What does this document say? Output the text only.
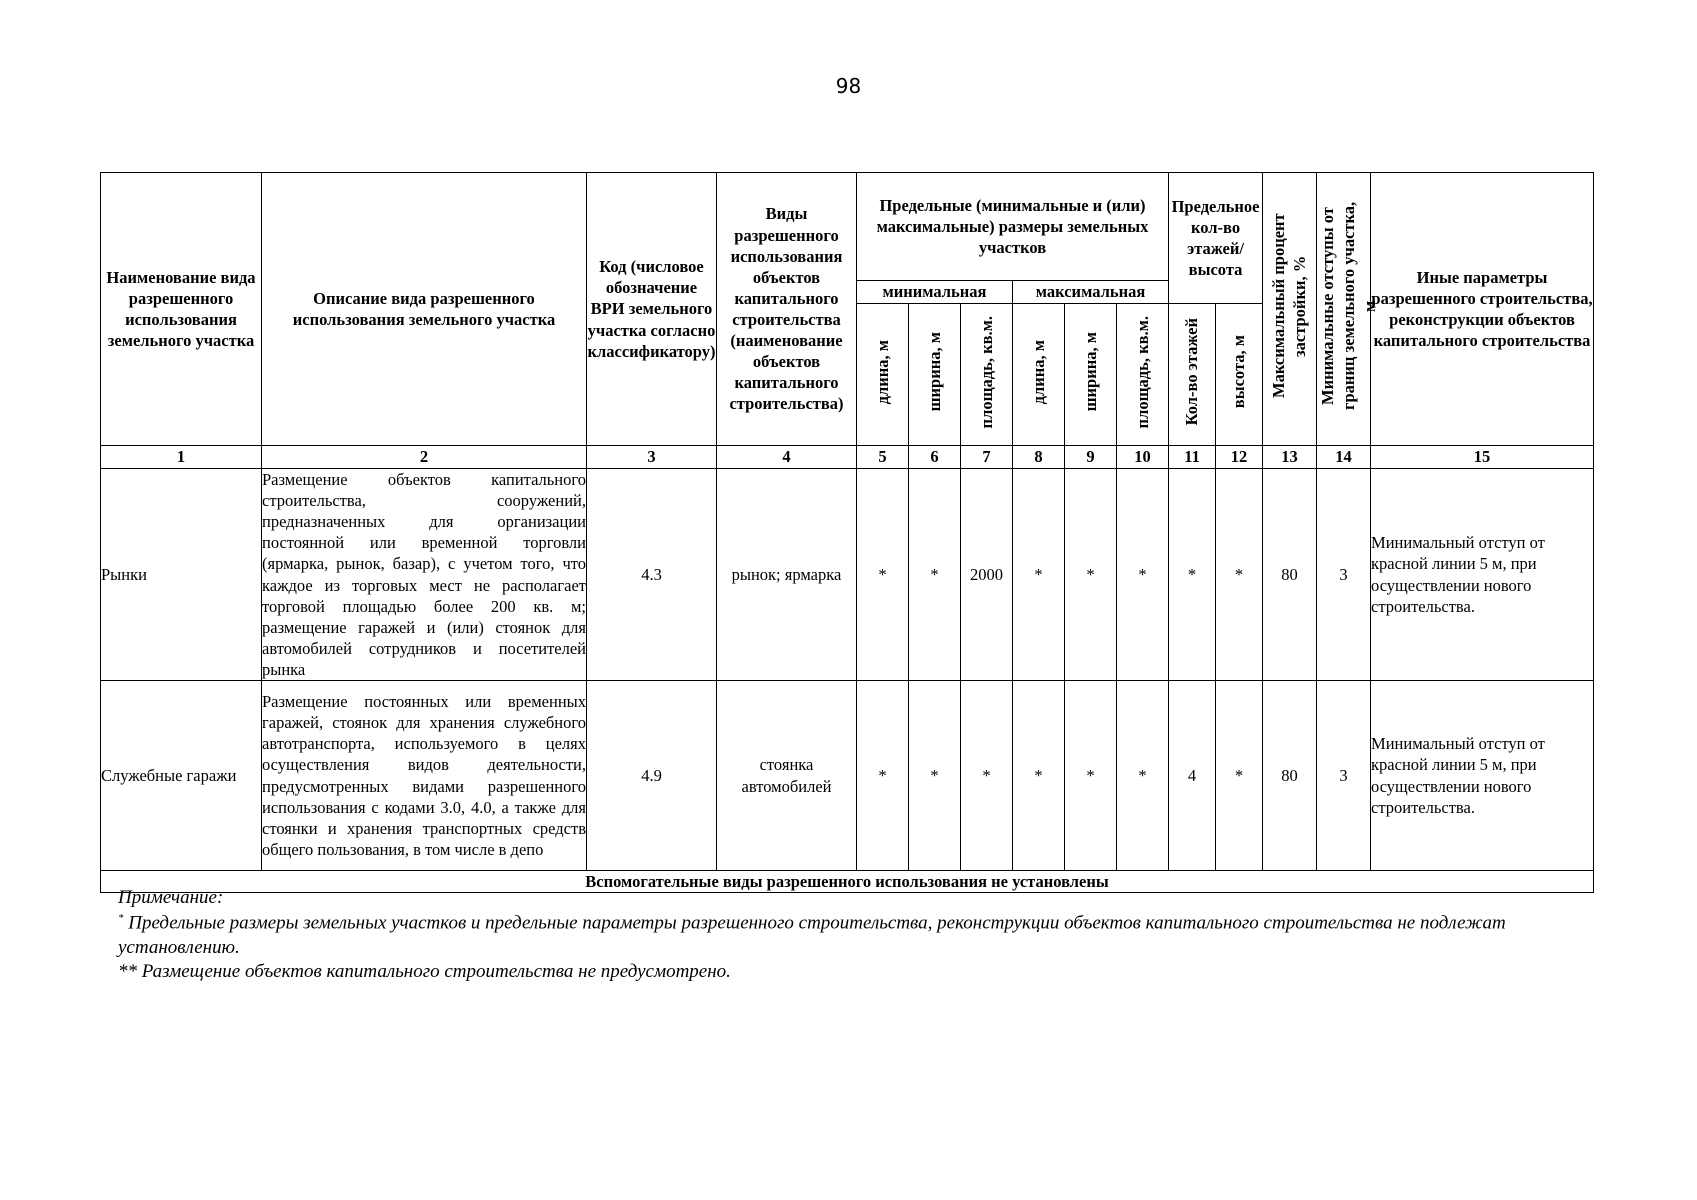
98
Наименование вида разрешенного использования земельного участка	Описание вида разрешенного использования земельного участка	Код (числовое обозначение ВРИ земельного участка согласно классификатору)	Виды разрешенного использования объектов капитального строительства (наименование объектов капитального строительства)	Предельные (минимальные и (или) максимальные) размеры земельных участков						Предельное кол-во этажей/ высота		Максимальный процент застройки, %	Минимальные отступы от границ земельного участка, м	Иные параметры разрешенного строительства, реконструкции объектов капитального строительства
				минимальная			максимальная							
				длина, м	ширина, м	площадь, кв.м.	длина, м	ширина, м	площадь, кв.м.	Кол-во этажей	высота, м			
1	2	3	4	5	6	7	8	9	10	11	12	13	14	15
Рынки	Размещение объектов капитального строительства, сооружений, предназначенных для организации постоянной или временной торговли (ярмарка, рынок, базар), с учетом того, что каждое из торговых мест не располагает торговой площадью более 200 кв. м; размещение гаражей и (или) стоянок для автомобилей сотрудников и посетителей рынка	4.3	рынок; ярмарка	*	*	2000	*	*	*	*	*	80	3	Минимальный отступ от красной линии 5 м, при осуществлении нового строительства.
Служебные гаражи	Размещение постоянных или временных гаражей, стоянок для хранения служебного автотранспорта, используемого в целях осуществления видов деятельности, предусмотренных видами разрешенного использования с кодами 3.0, 4.0, а также для стоянки и хранения транспортных средств общего пользования, в том числе в депо	4.9	стоянка автомобилей	*	*	*	*	*	*	4	*	80	3	Минимальный отступ от красной линии 5 м, при осуществлении нового строительства.
Вспомогательные виды разрешенного использования не установлены														

Примечание:

* Предельные размеры земельных участков и предельные параметры разрешенного строительства, реконструкции объектов капитального строительства не подлежат установлению.

** Размещение объектов капитального строительства не предусмотрено.
